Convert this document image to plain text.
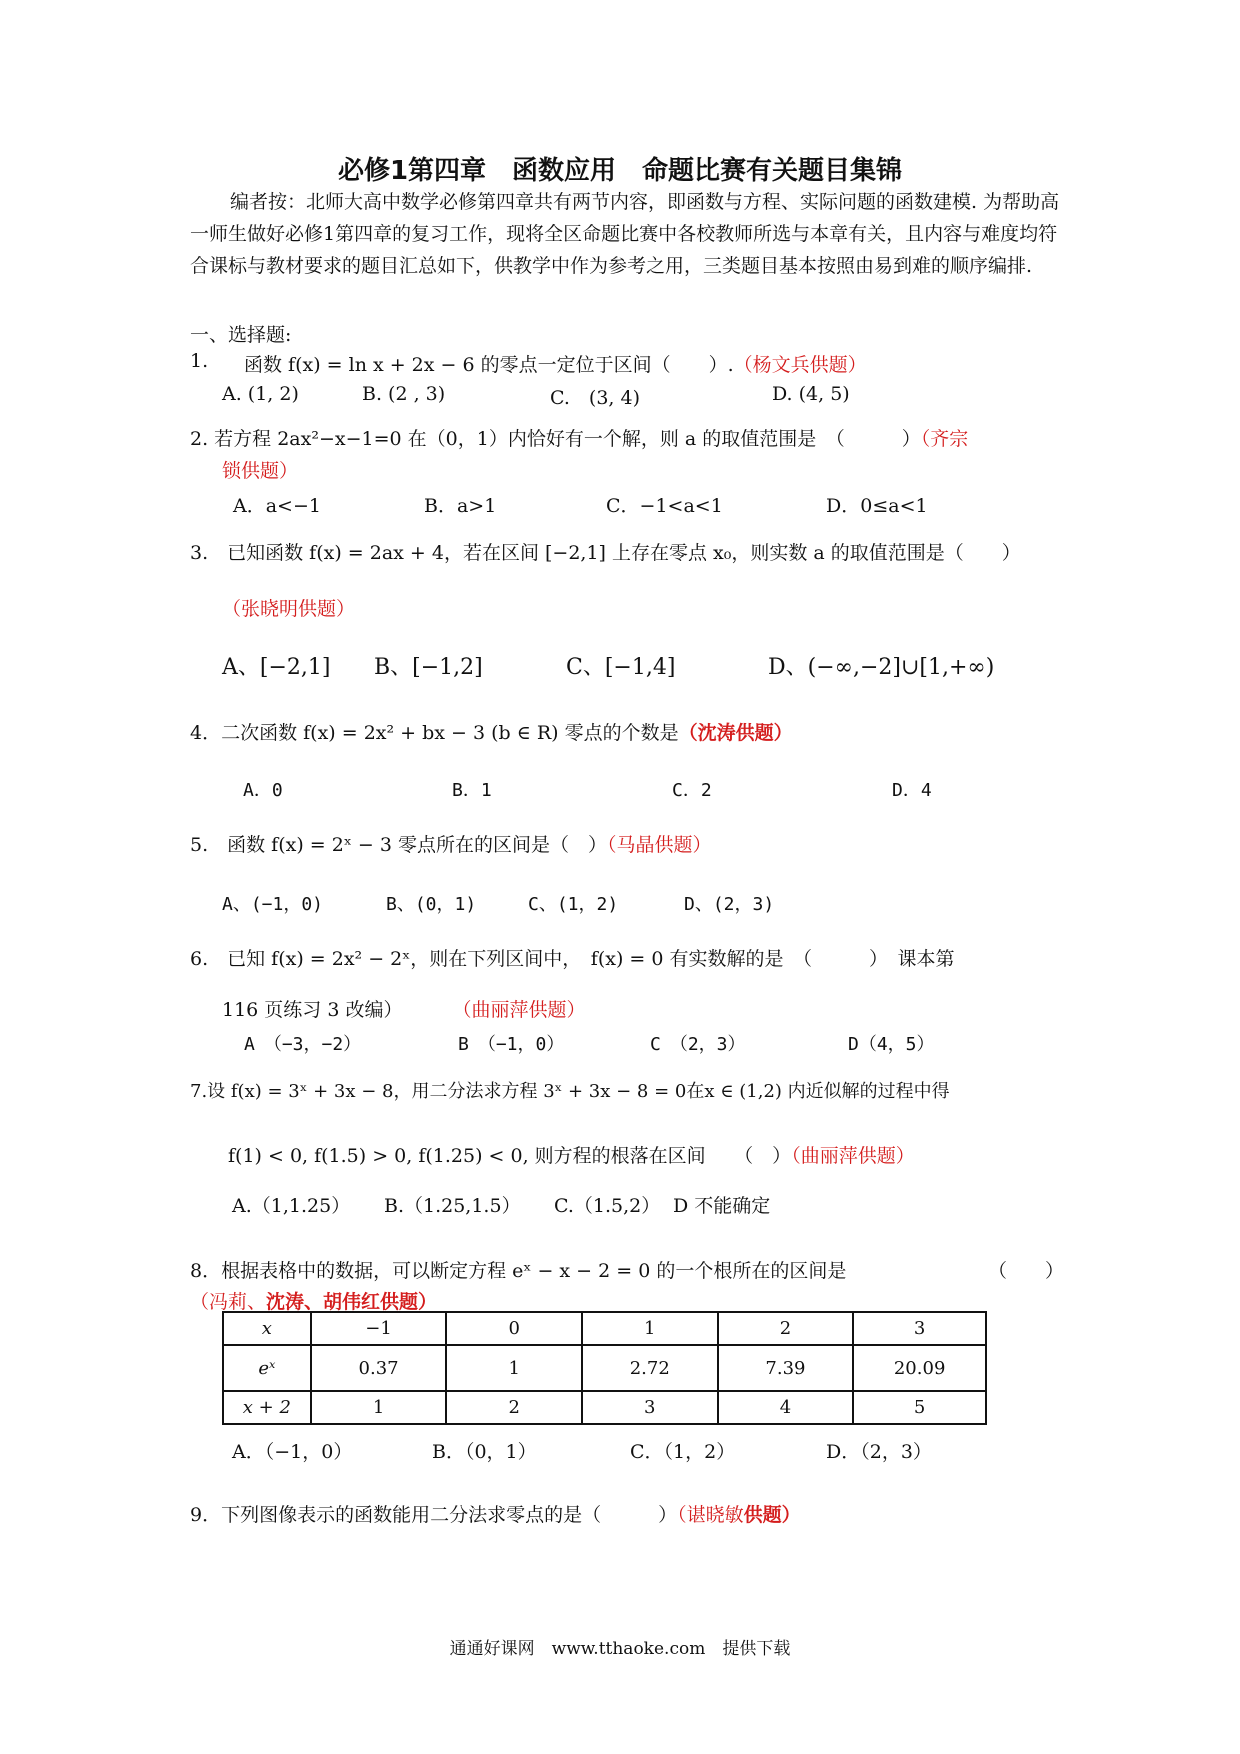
必修1第四章　函数应用　命题比赛有关题目集锦
编者按：北师大高中数学必修第四章共有两节内容，即函数与方程、实际问题的函数建模. 为帮助高一师生做好必修1第四章的复习工作，现将全区命题比赛中各校教师所选与本章有关，且内容与难度均符合课标与教材要求的题目汇总如下，供教学中作为参考之用，三类题目基本按照由易到难的顺序编排.
一、选择题:
1. 函数 f(x) = ln x + 2x − 6 的零点一定位于区间（　　）.（杨文兵供题）
A. (1, 2)	B. (2 , 3)	C.　(3, 4)	D. (4, 5)
2. 若方程 2ax²−x−1=0 在（0，1）内恰好有一个解，则 a 的取值范围是　（　　　）（齐宗
锁供题）
A．a<−1	B．a>1	C．−1<a<1	D．0≤a<1
3.　已知函数 f(x) = 2ax + 4，若在区间 [−2,1] 上存在零点 x₀，则实数 a 的取值范围是（　　）
（张晓明供题）
A、[−2,1] B、[−1,2]	C、[−1,4]	D、(−∞,−2]∪[1,+∞)
4．二次函数 f(x) = 2x² + bx − 3 (b ∈ R) 零点的个数是（沈涛供题）
A．0	B．1	C．2	D．4
5.　函数 f(x) = 2ˣ − 3 零点所在的区间是（　）（马晶供题）
A、(−1，0)	B、(0，1)	C、(1，2)	D、(2，3)
6.　已知 f(x) = 2x² − 2ˣ，则在下列区间中，　f(x) = 0 有实数解的是　（　　　）　课本第
116 页练习 3 改编）	（曲丽萍供题）
A　（−3，−2）	B　（−1，0）	C　（2，3）	D（4，5）
7.设 f(x) = 3ˣ + 3x − 8，用二分法求方程 3ˣ + 3x − 8 = 0在x ∈ (1,2) 内近似解的过程中得
f(1) < 0, f(1.5) > 0, f(1.25) < 0, 则方程的根落在区间　　（　）（曲丽萍供题）
A.（1,1.25） B.（1.25,1.5） C.（1.5,2） D 不能确定
8．根据表格中的数据，可以断定方程 eˣ − x − 2 = 0 的一个根所在的区间是	（　　）
（冯莉、沈涛、胡伟红供题）
x	−1	0	1	2	3
eˣ	0.37	1	2.72	7.39	20.09
x + 2	1	2	3	4	5
A．（−1，0）	B．（0，1）	C．（1，2）	D．（2，3）
9．下列图像表示的函数能用二分法求零点的是（　　　）（谌晓敏供题）
通通好课网　www.tthaoke.com　提供下载
